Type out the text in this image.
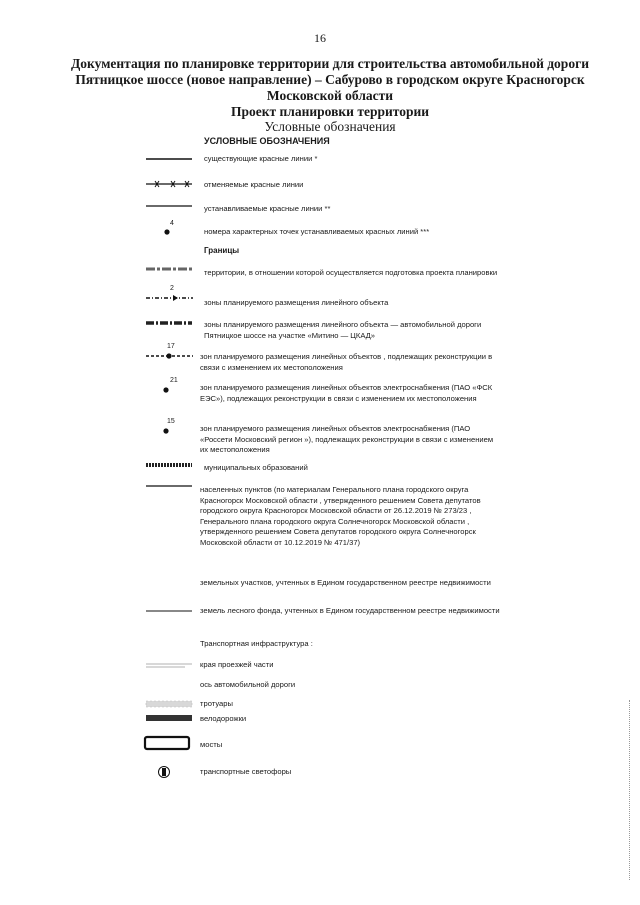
16
Документация по планировке территории для строительства автомобильной дороги
Пятницкое шоссе (новое направление) – Сабурово в городском округе Красногорск
Московской области
Проект планировки территории
Условные обозначения
УСЛОВНЫЕ ОБОЗНАЧЕНИЯ
существующие красные линии *
отменяемые красные линии
устанавливаемые красные линии **
4
номера характерных точек устанавливаемых красных линий ***
Границы
территории, в отношении которой осуществляется подготовка проекта планировки
2
зоны планируемого размещения линейного объекта
зоны планируемого размещения линейного объекта — автомобильной дороги Пятницкое шоссе на участке «Митино — ЦКАД»
17
зон планируемого размещения линейных объектов , подлежащих реконструкции в связи с изменением их местоположения
21
зон планируемого размещения линейных объектов электроснабжения (ПАО «ФСК ЕЭС»), подлежащих реконструкции в связи с изменением их местоположения
15
зон планируемого размещения линейных объектов электроснабжения (ПАО «Россети Московский регион »), подлежащих реконструкции в связи с изменением их местоположения
муниципальных образований
населенных пунктов (по материалам Генерального плана городского округа Красногорск Московской области , утвержденного решением Совета депутатов городского округа Красногорск Московской области от 26.12.2019 № 273/23 , Генерального плана городского округа Солнечногорск Московской области , утвержденного решением Совета депутатов городского округа Солнечногорск Московской области от 10.12.2019 № 471/37)
земельных участков, учтенных в Едином государственном реестре недвижимости
земель лесного фонда, учтенных в Едином государственном реестре недвижимости
Транспортная инфраструктура :
края проезжей части
ось автомобильной дороги
тротуары
велодорожки
мосты
транспортные светофоры
